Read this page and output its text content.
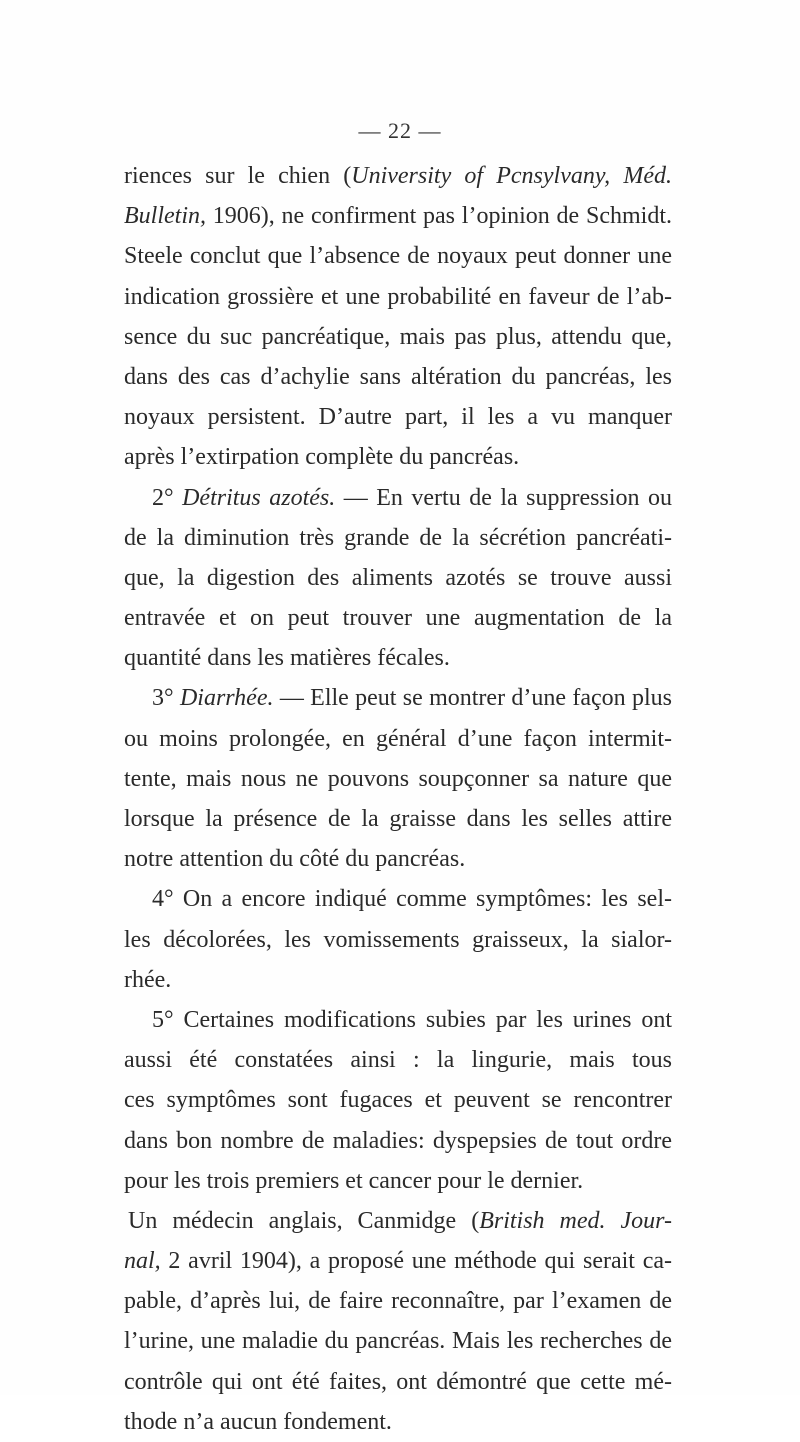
— 22 —
riences sur le chien (University of Pcnsylvany, Méd.
Bulletin, 1906), ne confirment pas l’opinion de Schmidt.
Steele conclut que l’absence de noyaux peut donner une
indication grossière et une probabilité en faveur de l’ab-
sence du suc pancréatique, mais pas plus, attendu que,
dans des cas d’achylie sans altération du pancréas, les
noyaux persistent. D’autre part, il les a vu manquer
après l’extirpation complète du pancréas.
2° Détritus azotés. — En vertu de la suppression ou
de la diminution très grande de la sécrétion pancréati-
que, la digestion des aliments azotés se trouve aussi
entravée et on peut trouver une augmentation de la
quantité dans les matières fécales.
3° Diarrhée. — Elle peut se montrer d’une façon plus
ou moins prolongée, en général d’une façon intermit-
tente, mais nous ne pouvons soupçonner sa nature que
lorsque la présence de la graisse dans les selles attire
notre attention du côté du pancréas.
4° On a encore indiqué comme symptômes: les sel-
les décolorées, les vomissements graisseux, la sialor-
rhée.
5° Certaines modifications subies par les urines ont
aussi été constatées ainsi : la lingurie, mais tous
ces symptômes sont fugaces et peuvent se rencontrer
dans bon nombre de maladies: dyspepsies de tout ordre
pour les trois premiers et cancer pour le dernier.
Un médecin anglais, Canmidge (British med. Jour-
nal, 2 avril 1904), a proposé une méthode qui serait ca-
pable, d’après lui, de faire reconnaître, par l’examen de
l’urine, une maladie du pancréas. Mais les recherches de
contrôle qui ont été faites, ont démontré que cette mé-
thode n’a aucun fondement.
